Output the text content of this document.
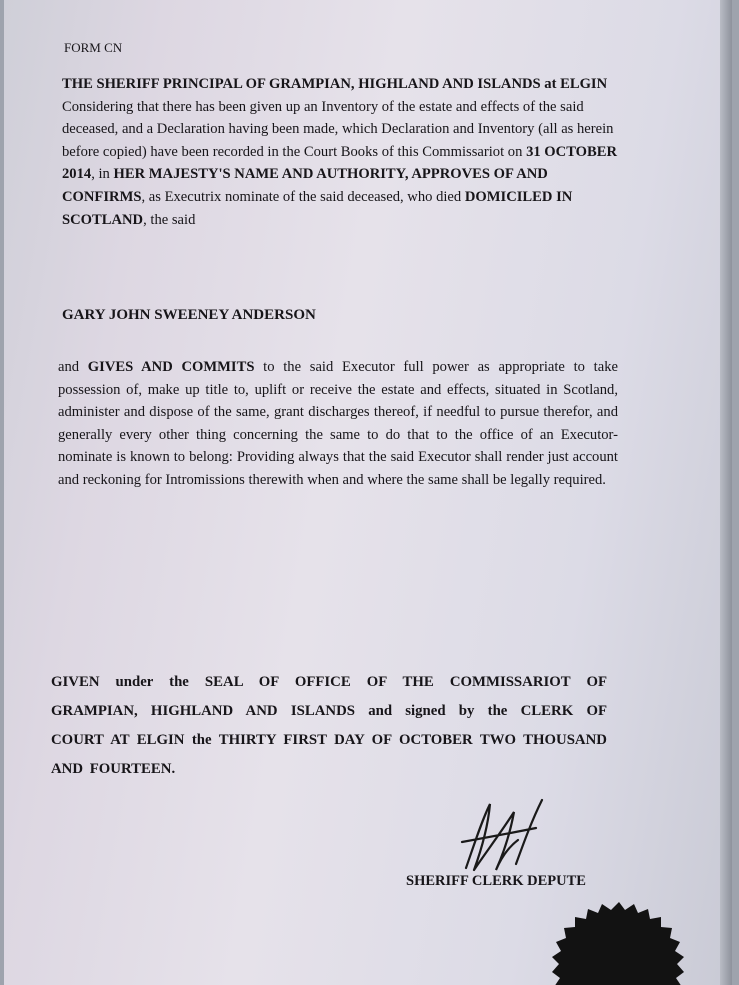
FORM CN

THE SHERIFF PRINCIPAL OF GRAMPIAN, HIGHLAND AND ISLANDS at ELGIN Considering that there has been given up an Inventory of the estate and effects of the said deceased, and a Declaration having been made, which Declaration and Inventory (all as herein before copied) have been recorded in the Court Books of this Commissariot on 31 OCTOBER 2014, in HER MAJESTY'S NAME AND AUTHORITY, APPROVES OF AND CONFIRMS, as Executrix nominate of the said deceased, who died DOMICILED IN SCOTLAND, the said

GARY JOHN SWEENEY ANDERSON

and GIVES AND COMMITS to the said Executor full power as appropriate to take possession of, make up title to, uplift or receive the estate and effects, situated in Scotland, administer and dispose of the same, grant discharges thereof, if needful to pursue therefor, and generally every other thing concerning the same to do that to the office of an Executor-nominate is known to belong: Providing always that the said Executor shall render just account and reckoning for Intromissions therewith when and where the same shall be legally required.

GIVEN under the SEAL OF OFFICE OF THE COMMISSARIOT OF GRAMPIAN, HIGHLAND AND ISLANDS and signed by the CLERK OF COURT AT ELGIN the THIRTY FIRST DAY OF OCTOBER TWO THOUSAND AND FOURTEEN.

SHERIFF CLERK DEPUTE
